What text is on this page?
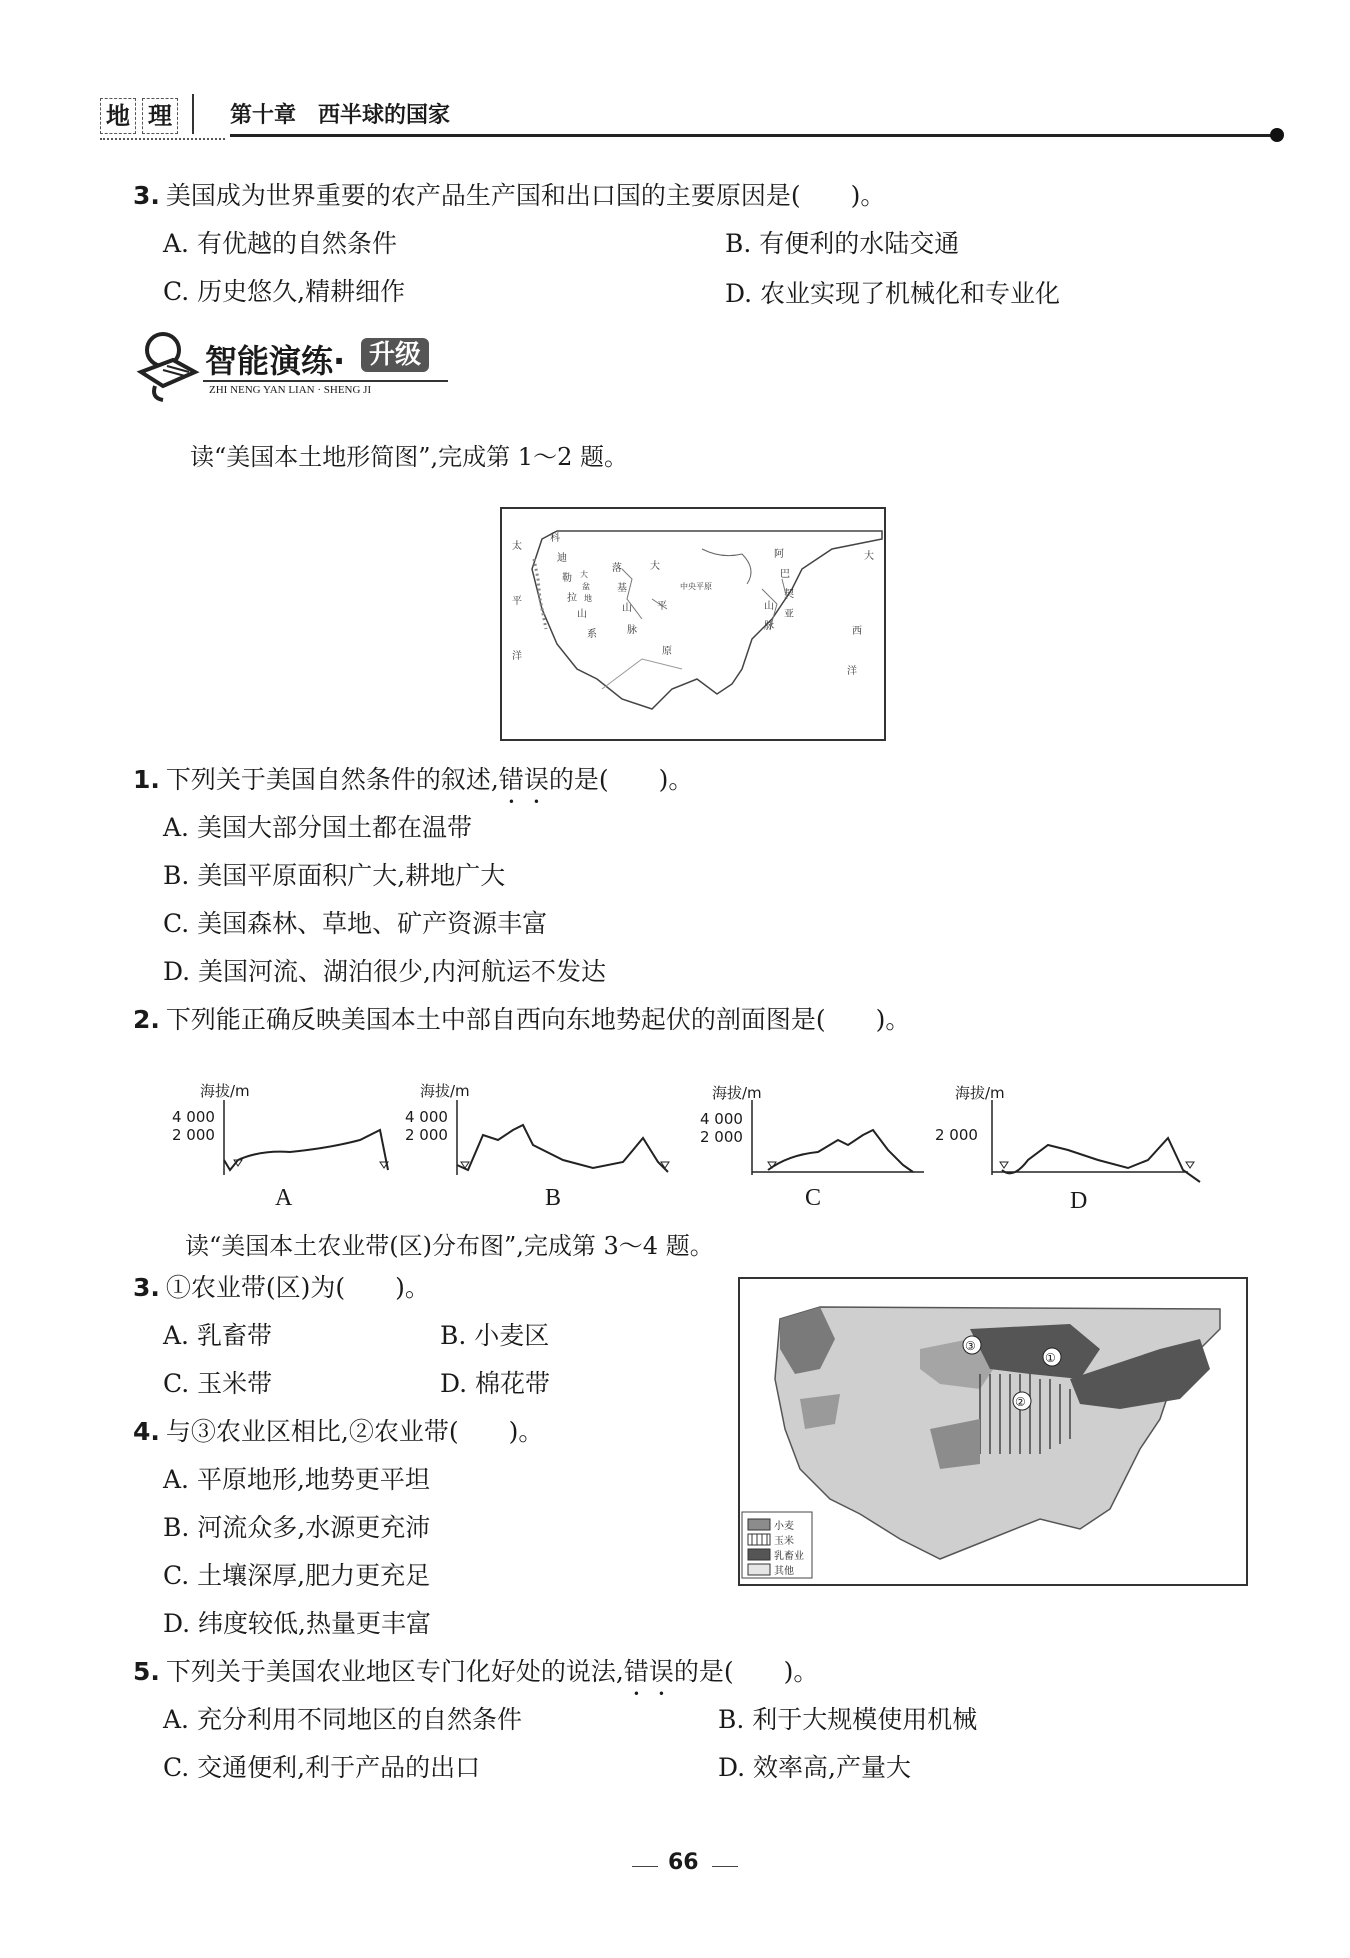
地 理	第十章　西半球的国家
3. 美国成为世界重要的农产品生产国和出口国的主要原因是(　　)。
A. 有优越的自然条件	B. 有便利的水陆交通
C. 历史悠久,精耕细作	D. 农业实现了机械化和专业化
智能演练· 升级
ZHI NENG YAN LIAN · SHENG JI
读“美国本土地形简图”,完成第 1～2 题。
太
平
洋
大
西
洋
科
迪
勒
拉
大
盆
地
山
系
落
基
山
脉
大
平
原
中央平原
阿
巴
契
亚
山
脉
1. 下列关于美国自然条件的叙述,错误的是(　　)。
A. 美国大部分国土都在温带
B. 美国平原面积广大,耕地广大
C. 美国森林、草地、矿产资源丰富
D. 美国河流、湖泊很少,内河航运不发达
2. 下列能正确反映美国本土中部自西向东地势起伏的剖面图是(　　)。
海拔/m
4 000
2 000
A
海拔/m
4 000
2 000
B
海拔/m
4 000
2 000
C
海拔/m
2 000
D
读“美国本土农业带(区)分布图”,完成第 3～4 题。
3. ①农业带(区)为(　　)。
A. 乳畜带	B. 小麦区
C. 玉米带	D. 棉花带
4. 与③农业区相比,②农业带(　　)。
A. 平原地形,地势更平坦
B. 河流众多,水源更充沛
C. 土壤深厚,肥力更充足
D. 纬度较低,热量更丰富
③
①
②
小麦
玉米
乳畜业
其他
5. 下列关于美国农业地区专门化好处的说法,错误的是(　　)。
A. 充分利用不同地区的自然条件	B. 利于大规模使用机械
C. 交通便利,利于产品的出口	D. 效率高,产量大
66
